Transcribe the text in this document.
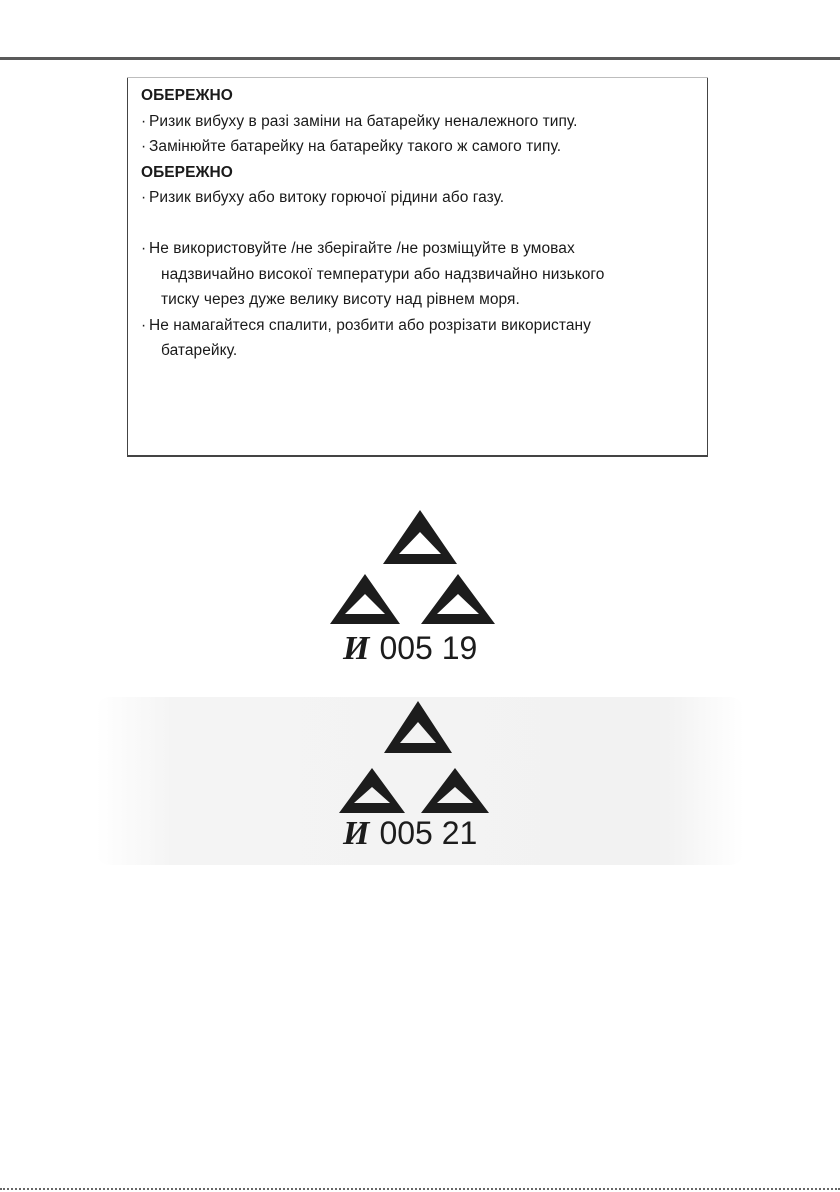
ОБЕРЕЖНО
· Ризик вибуху в разі заміни на батарейку неналежного типу.
· Замінюйте батарейку на батарейку такого ж самого типу.
ОБЕРЕЖНО
· Ризик вибуху або витоку горючої рідини або газу.
· Не використовуйте /не зберігайте /не розміщуйте в умовах
надзвичайно високої температури або надзвичайно низького
тиску через дуже велику висоту над рівнем моря.
· Не намагайтеся спалити, розбити або розрізати використану
батарейку.
И 005 19
И 005 21
